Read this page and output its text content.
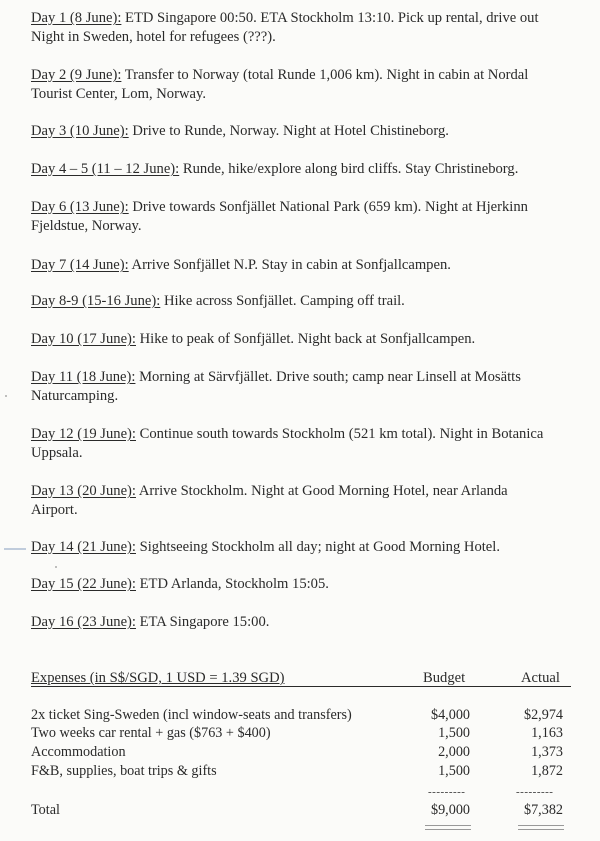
Day 1 (8 June): ETD Singapore 00:50. ETA Stockholm 13:10. Pick up rental, drive out
Night in Sweden, hotel for refugees (???).
Day 2 (9 June): Transfer to Norway (total Runde 1,006 km). Night in cabin at Nordal
Tourist Center, Lom, Norway.
Day 3 (10 June): Drive to Runde, Norway. Night at Hotel Chistineborg.
Day 4 – 5 (11 – 12 June): Runde, hike/explore along bird cliffs. Stay Christineborg.
Day 6 (13 June): Drive towards Sonfjället National Park (659 km). Night at Hjerkinn
Fjeldstue, Norway.
Day 7 (14 June): Arrive Sonfjället N.P. Stay in cabin at Sonfjallcampen.
Day 8-9 (15-16 June): Hike across Sonfjället. Camping off trail.
Day 10 (17 June): Hike to peak of Sonfjället. Night back at Sonfjallcampen.
Day 11 (18 June): Morning at Särvfjället. Drive south; camp near Linsell at Mosätts
Naturcamping.
Day 12 (19 June): Continue south towards Stockholm (521 km total). Night in Botanica
Uppsala.
Day 13 (20 June): Arrive Stockholm. Night at Good Morning Hotel, near Arlanda
Airport.
Day 14 (21 June): Sightseeing Stockholm all day; night at Good Morning Hotel.
Day 15 (22 June): ETD Arlanda, Stockholm 15:05.
Day 16 (23 June): ETA Singapore 15:00.
Expenses (in S$/SGD, 1 USD = 1.39 SGD)	Budget	Actual
2x ticket Sing-Sweden (incl window-seats and transfers)	$4,000	$2,974
Two weeks car rental + gas ($763 + $400)	1,500	1,163
Accommodation	2,000	1,373
F&B, supplies, boat trips & gifts	1,500	1,872
---------	---------
Total	$9,000	$7,382
